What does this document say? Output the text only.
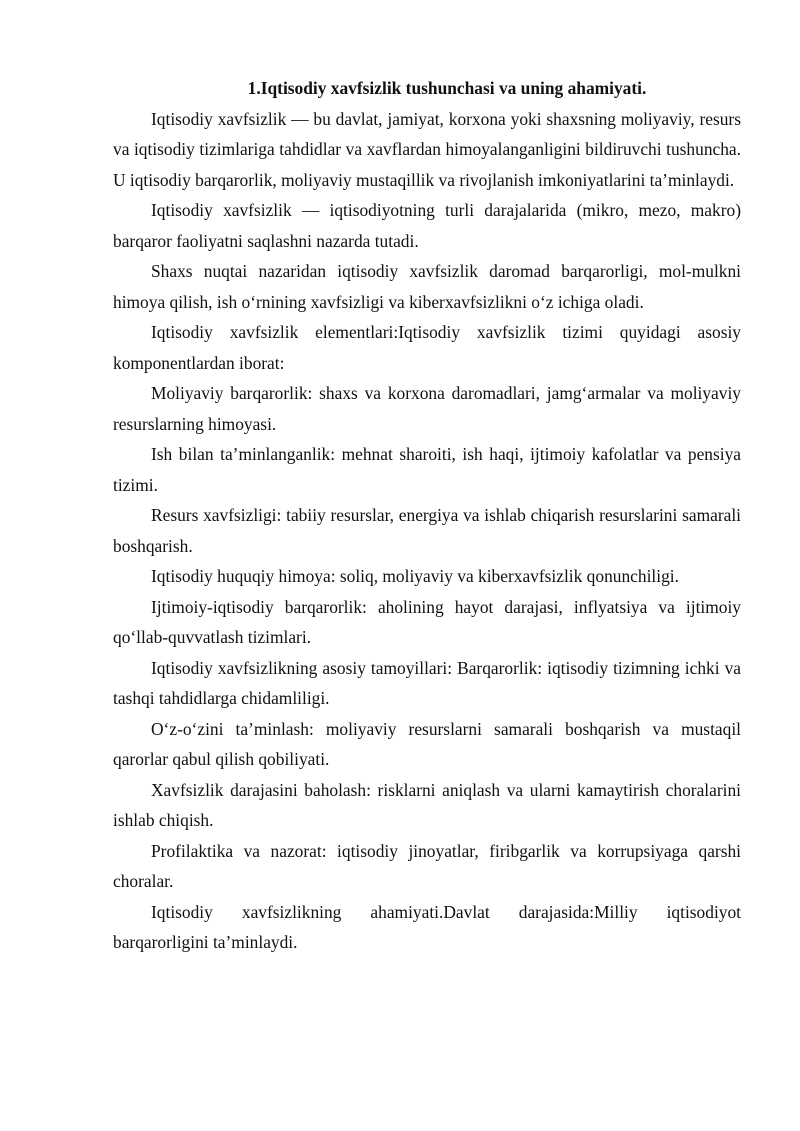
1.Iqtisodiy xavfsizlik tushunchasi va uning ahamiyati.

Iqtisodiy xavfsizlik — bu davlat, jamiyat, korxona yoki shaxsning moliyaviy, resurs va iqtisodiy tizimlariga tahdidlar va xavflardan himoyalanganligini bildiruvchi tushuncha. U iqtisodiy barqarorlik, moliyaviy mustaqillik va rivojlanish imkoniyatlarini ta’minlaydi.

Iqtisodiy xavfsizlik — iqtisodiyotning turli darajalarida (mikro, mezo, makro) barqaror faoliyatni saqlashni nazarda tutadi.

Shaxs nuqtai nazaridan iqtisodiy xavfsizlik daromad barqarorligi, mol-mulkni himoya qilish, ish o‘rnining xavfsizligi va kiberxavfsizlikni o‘z ichiga oladi.

Iqtisodiy xavfsizlik elementlari:Iqtisodiy xavfsizlik tizimi quyidagi asosiy komponentlardan iborat:

Moliyaviy barqarorlik: shaxs va korxona daromadlari, jamg‘armalar va moliyaviy resurslarning himoyasi.

Ish bilan ta’minlanganlik: mehnat sharoiti, ish haqi, ijtimoiy kafolatlar va pensiya tizimi.

Resurs xavfsizligi: tabiiy resurslar, energiya va ishlab chiqarish resurslarini samarali boshqarish.

Iqtisodiy huquqiy himoya: soliq, moliyaviy va kiberxavfsizlik qonunchiligi.

Ijtimoiy-iqtisodiy barqarorlik: aholining hayot darajasi, inflyatsiya va ijtimoiy qo‘llab-quvvatlash tizimlari.

Iqtisodiy xavfsizlikning asosiy tamoyillari: Barqarorlik: iqtisodiy tizimning ichki va tashqi tahdidlarga chidamliligi.

O‘z-o‘zini ta’minlash: moliyaviy resurslarni samarali boshqarish va mustaqil qarorlar qabul qilish qobiliyati.

Xavfsizlik darajasini baholash: risklarni aniqlash va ularni kamaytirish choralarini ishlab chiqish.

Profilaktika va nazorat: iqtisodiy jinoyatlar, firibgarlik va korrupsiyaga qarshi choralar.

Iqtisodiy xavfsizlikning ahamiyati.Davlat darajasida:Milliy iqtisodiyot barqarorligini ta’minlaydi.
